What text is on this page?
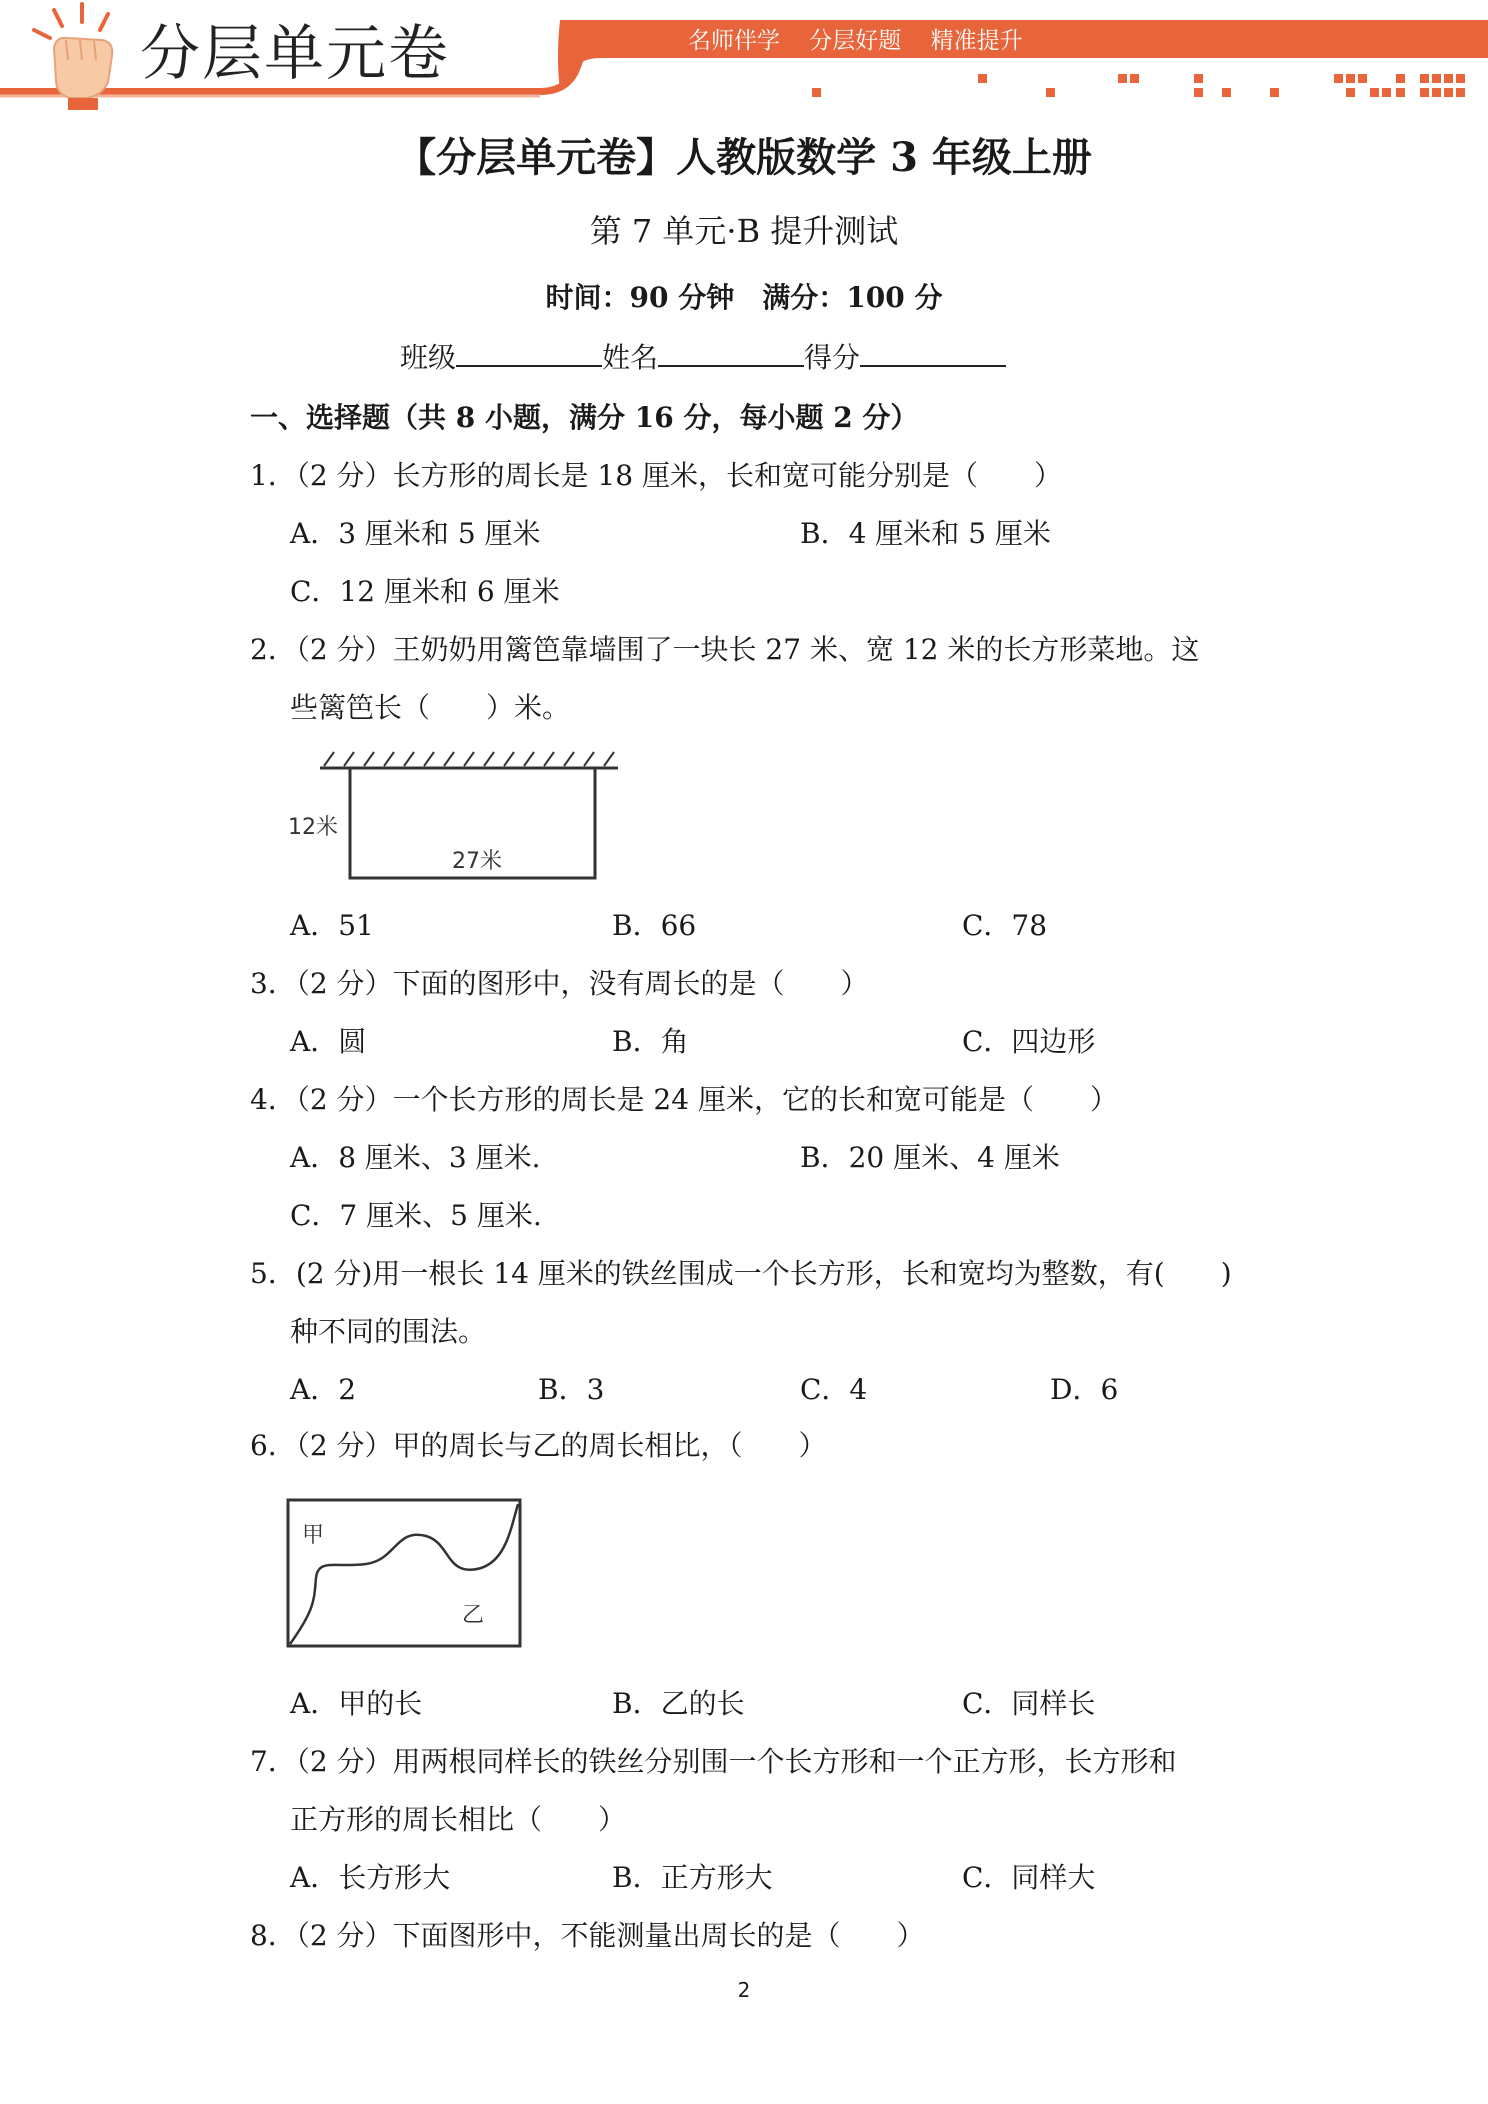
分层单元卷	名师伴学 分层好题 精准提升
【分层单元卷】人教版数学 3 年级上册
第 7 单元·B 提升测试
时间：90 分钟　满分：100 分
班级	姓名	得分
一、选择题（共 8 小题，满分 16 分，每小题 2 分）
1．（2 分）长方形的周长是 18 厘米，长和宽可能分别是（　　）
A．3 厘米和 5 厘米	B．4 厘米和 5 厘米
C．12 厘米和 6 厘米
2．（2 分）王奶奶用篱笆靠墙围了一块长 27 米、宽 12 米的长方形菜地。这
些篱笆长（　　）米。
12米
27米
A．51	B．66	C．78
3．（2 分）下面的图形中，没有周长的是（　　）
A．圆	B．角	C．四边形
4．（2 分）一个长方形的周长是 24 厘米，它的长和宽可能是（　　）
A．8 厘米、3 厘米.	B．20 厘米、4 厘米
C．7 厘米、5 厘米.
5．(2 分)用一根长 14 厘米的铁丝围成一个长方形，长和宽均为整数，有(　　)
种不同的围法。
A．2	B．3	C．4	D．6
6．（2 分）甲的周长与乙的周长相比，（　　）
甲
乙
A．甲的长	B．乙的长	C．同样长
7．（2 分）用两根同样长的铁丝分别围一个长方形和一个正方形，长方形和
正方形的周长相比（　　）
A．长方形大	B．正方形大	C．同样大
8．（2 分）下面图形中，不能测量出周长的是（　　）
2
